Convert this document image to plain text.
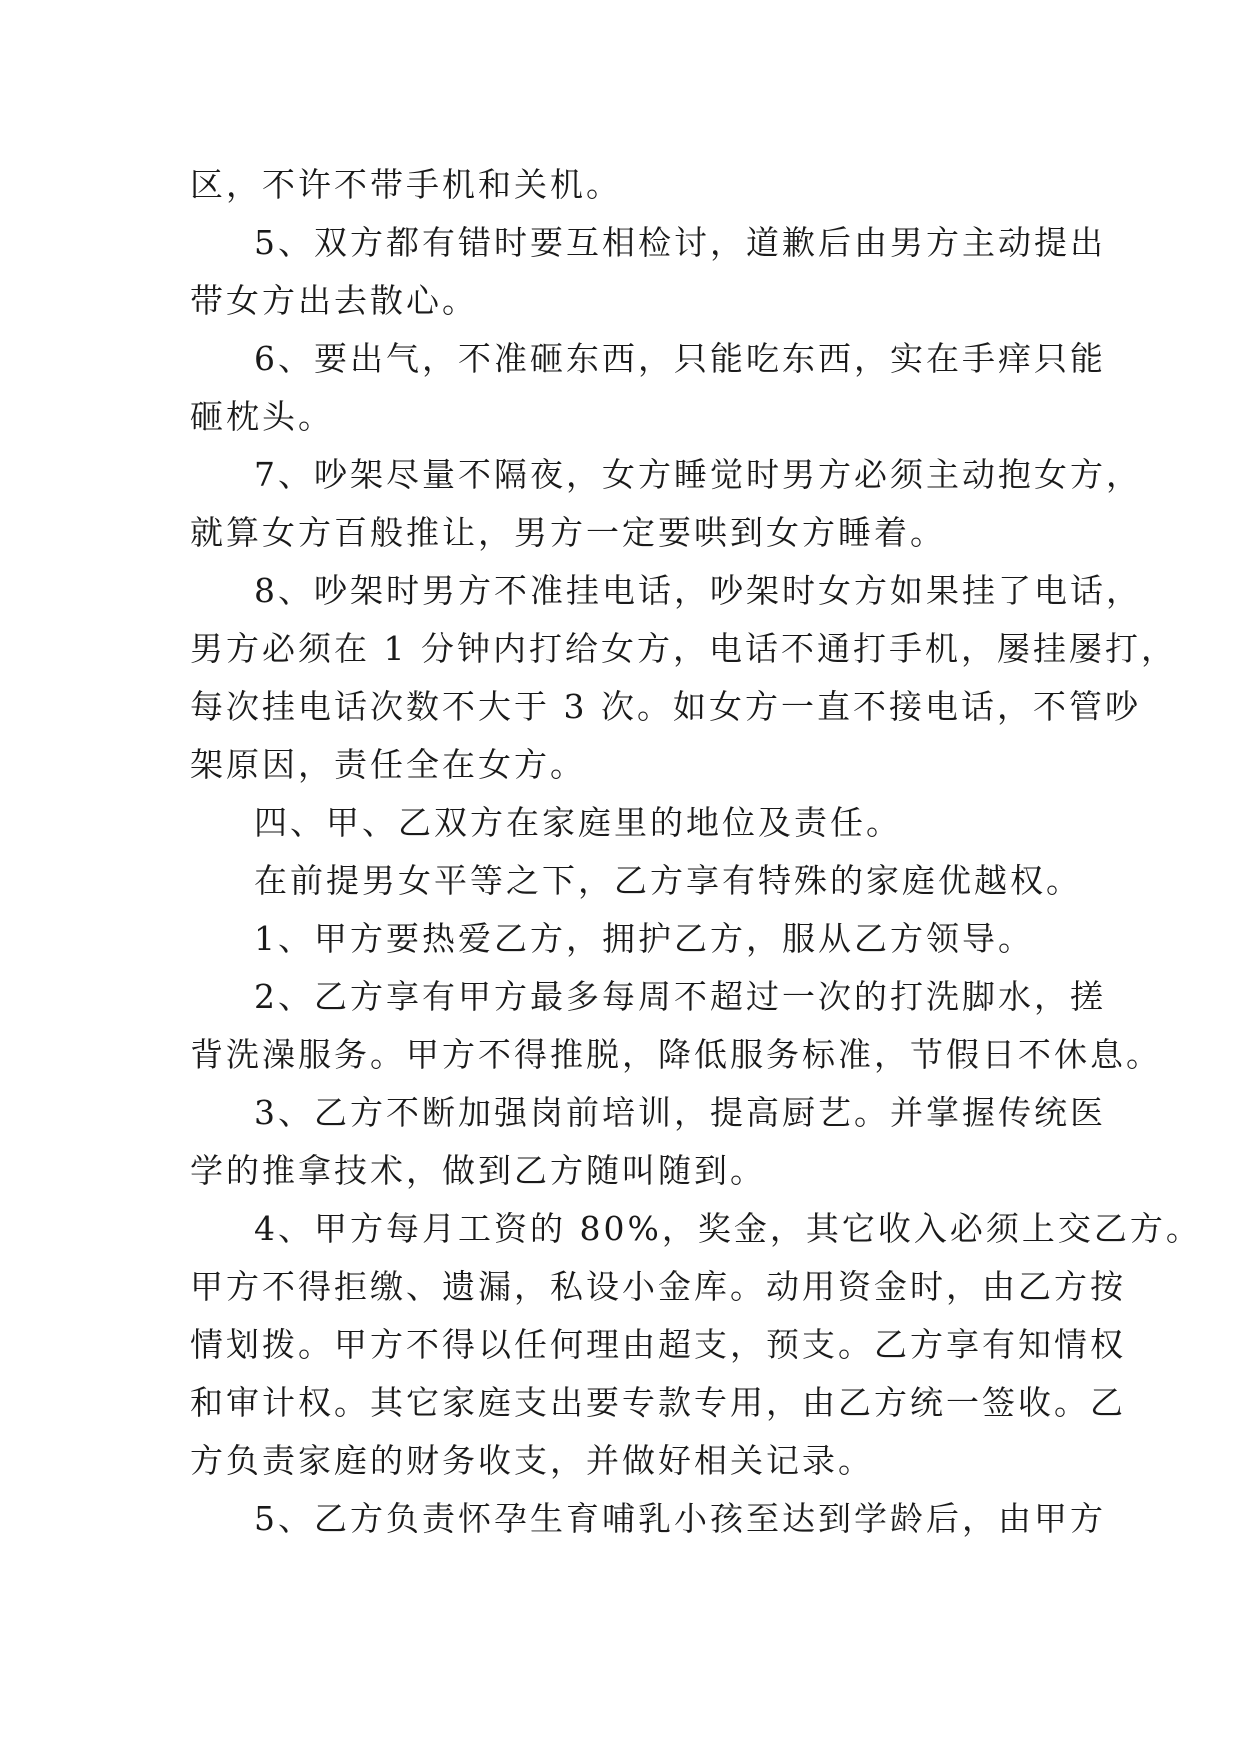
区，不许不带手机和关机。
5、双方都有错时要互相检讨，道歉后由男方主动提出
带女方出去散心。
6、要出气，不准砸东西，只能吃东西，实在手痒只能
砸枕头。
7、吵架尽量不隔夜，女方睡觉时男方必须主动抱女方，
就算女方百般推让，男方一定要哄到女方睡着。
8、吵架时男方不准挂电话，吵架时女方如果挂了电话，
男方必须在 1 分钟内打给女方，电话不通打手机，屡挂屡打，
每次挂电话次数不大于 3 次。如女方一直不接电话，不管吵
架原因，责任全在女方。
四、甲、乙双方在家庭里的地位及责任。
在前提男女平等之下，乙方享有特殊的家庭优越权。
1、甲方要热爱乙方，拥护乙方，服从乙方领导。
2、乙方享有甲方最多每周不超过一次的打洗脚水，搓
背洗澡服务。甲方不得推脱，降低服务标准，节假日不休息。
3、乙方不断加强岗前培训，提高厨艺。并掌握传统医
学的推拿技术，做到乙方随叫随到。
4、甲方每月工资的 80%，奖金，其它收入必须上交乙方。
甲方不得拒缴、遗漏，私设小金库。动用资金时，由乙方按
情划拨。甲方不得以任何理由超支，预支。乙方享有知情权
和审计权。其它家庭支出要专款专用，由乙方统一签收。乙
方负责家庭的财务收支，并做好相关记录。
5、乙方负责怀孕生育哺乳小孩至达到学龄后，由甲方
